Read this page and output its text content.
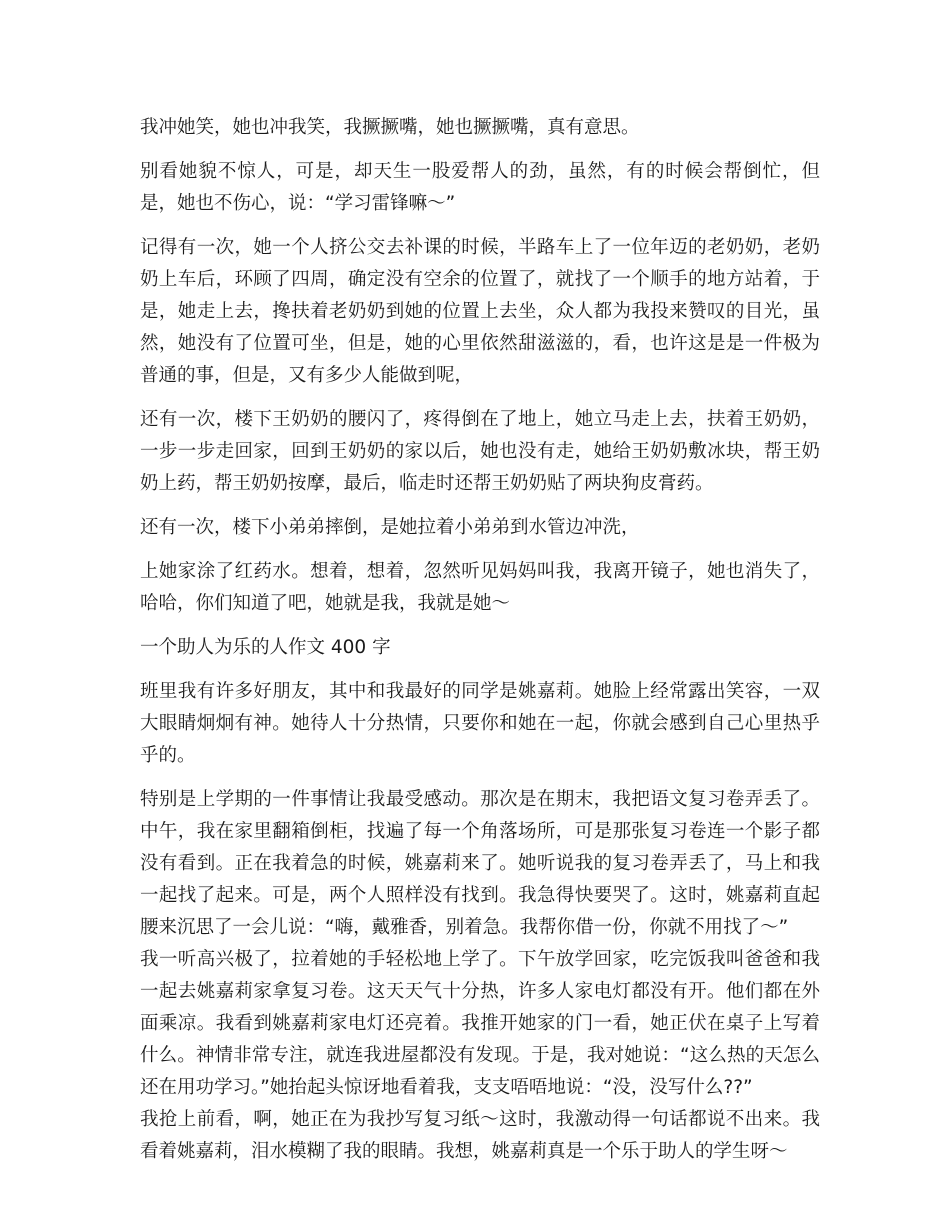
我冲她笑，她也冲我笑，我撅撅嘴，她也撅撅嘴，真有意思。

别看她貌不惊人，可是，却天生一股爱帮人的劲，虽然，有的时候会帮倒忙，但是，她也不伤心，说：“学习雷锋嘛～”

记得有一次，她一个人挤公交去补课的时候，半路车上了一位年迈的老奶奶，老奶奶上车后，环顾了四周，确定没有空余的位置了，就找了一个顺手的地方站着，于是，她走上去，搀扶着老奶奶到她的位置上去坐，众人都为我投来赞叹的目光，虽然，她没有了位置可坐，但是，她的心里依然甜滋滋的，看，也许这是是一件极为普通的事，但是，又有多少人能做到呢，

还有一次，楼下王奶奶的腰闪了，疼得倒在了地上，她立马走上去，扶着王奶奶，一步一步走回家，回到王奶奶的家以后，她也没有走，她给王奶奶敷冰块，帮王奶奶上药，帮王奶奶按摩，最后，临走时还帮王奶奶贴了两块狗皮膏药。

还有一次，楼下小弟弟摔倒，是她拉着小弟弟到水管边冲洗，

上她家涂了红药水。想着，想着，忽然听见妈妈叫我，我离开镜子，她也消失了，哈哈，你们知道了吧，她就是我，我就是她～

一个助人为乐的人作文 400 字

班里我有许多好朋友，其中和我最好的同学是姚嘉莉。她脸上经常露出笑容，一双大眼睛炯炯有神。她待人十分热情，只要你和她在一起，你就会感到自己心里热乎乎的。

特别是上学期的一件事情让我最受感动。那次是在期末，我把语文复习卷弄丢了。中午，我在家里翻箱倒柜，找遍了每一个角落场所，可是那张复习卷连一个影子都没有看到。正在我着急的时候，姚嘉莉来了。她听说我的复习卷弄丢了，马上和我一起找了起来。可是，两个人照样没有找到。我急得快要哭了。这时，姚嘉莉直起腰来沉思了一会儿说：“嗨，戴雅香，别着急。我帮你借一份，你就不用找了～”

我一听高兴极了，拉着她的手轻松地上学了。下午放学回家，吃完饭我叫爸爸和我一起去姚嘉莉家拿复习卷。这天天气十分热，许多人家电灯都没有开。他们都在外面乘凉。我看到姚嘉莉家电灯还亮着。我推开她家的门一看，她正伏在桌子上写着什么。神情非常专注，就连我进屋都没有发现。于是，我对她说：“这么热的天怎么还在用功学习。”她抬起头惊讶地看着我，支支唔唔地说：“没，没写什么??”

我抢上前看，啊，她正在为我抄写复习纸～这时，我激动得一句话都说不出来。我看着姚嘉莉，泪水模糊了我的眼睛。我想，姚嘉莉真是一个乐于助人的学生呀～
